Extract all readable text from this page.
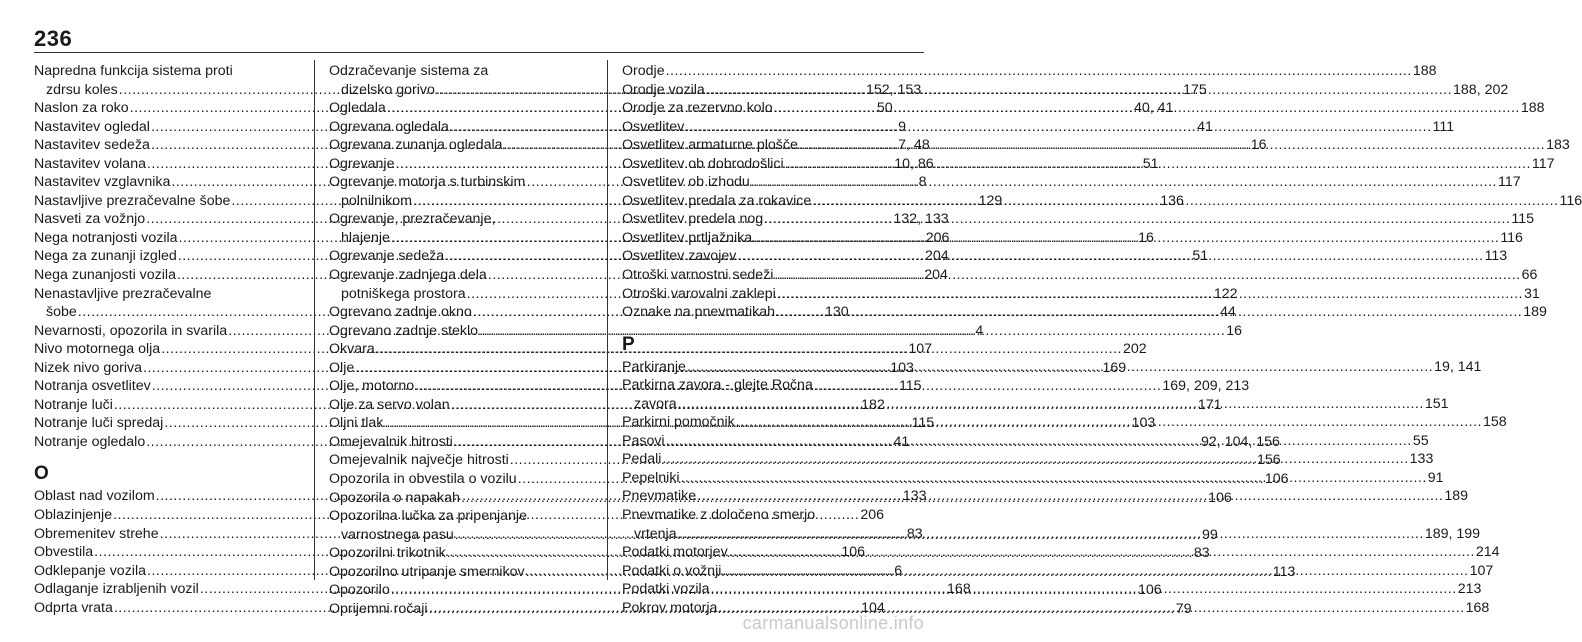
236
Napredna funkcija sistema proti
zdrsu koles .....	152, 153
Naslon za roko .....	50
Nastavitev ogledal .....	9
Nastavitev sedeža .....	7, 48
Nastavitev volana .....	10, 86
Nastavitev vzglavnika .....	8
Nastavljive prezračevalne šobe .....	129
Nasveti za vožnjo .....	132, 133
Nega notranjosti vozila .....	206
Nega za zunanji izgled .....	204
Nega zunanjosti vozila .....	204
Nenastavljive prezračevalne
šobe .....	130
Nevarnosti, opozorila in svarila .....	4
Nivo motornega olja .....	107
Nizek nivo goriva .....	103
Notranja osvetlitev .....	115
Notranje luči .....	182
Notranje luči spredaj .....	115
Notranje ogledalo .....	41
O
Oblast nad vozilom .....	133
Oblazinjenje .....	206
Obremenitev strehe .....	83
Obvestila .....	106
Odklepanje vozila .....	6
Odlaganje izrabljenih vozil .....	168
Odprta vrata .....	104
Odzračevanje sistema za
dizelsko gorivo .....	175
Ogledala .....	40, 41
Ogrevana ogledala .....	41
Ogrevana zunanja ogledala .....	16
Ogrevanje .....	51
Ogrevanje motorja s turbinskim
polnilnikom .....	136
Ogrevanje, prezračevanje,
hlajenje .....	16
Ogrevanje sedeža .....	51
Ogrevanje zadnjega dela
potniškega prostora .....	122
Ogrevano zadnje okno .....	44
Ogrevano zadnje steklo .....	16
Okvara .....	202
Olje .....	169
Olje, motorno .....	169, 209, 213
Olje za servo volan .....	171
Oljni tlak .....	103
Omejevalnik hitrosti .....	92, 104, 156
Omejevalnik največje hitrosti .....	156
Opozorila in obvestila o vozilu .....	106
Opozorila o napakah .....	106
Opozorilna lučka za pripenjanje
varnostnega pasu .....	99
Opozorilni trikotnik .....	83
Opozorilno utripanje smernikov .....	113
Opozorilo .....	106
Oprijemni ročaji .....	79
Orodje .....	188
Orodje vozila .....	188, 202
Orodje za rezervno kolo .....	188
Osvetlitev .....	111
Osvetlitev armaturne plošče .....	183
Osvetlitev ob dobrodošlici .....	117
Osvetlitev ob izhodu .....	117
Osvetlitev predala za rokavice .....	116
Osvetlitev predela nog .....	115
Osvetlitev prtljažnika .....	116
Osvetlitev zavojev .....	113
Otroški varnostni sedeži .....	66
Otroški varovalni zaklepi .....	31
Oznake na pnevmatikah .....	189
P
Parkiranje .....	19, 141
Parkirna zavora - glejte Ročna
zavora .....	151
Parkirni pomočnik .....	158
Pasovi .....	55
Pedali .....	133
Pepelniki .....	91
Pnevmatike .....	189
Pnevmatike z določeno smerjo
vrtenja .....	189, 199
Podatki motorjev .....	214
Podatki o vožnji .....	107
Podatki vozila .....	213
Pokrov motorja .....	168
carmanualsonline.info
